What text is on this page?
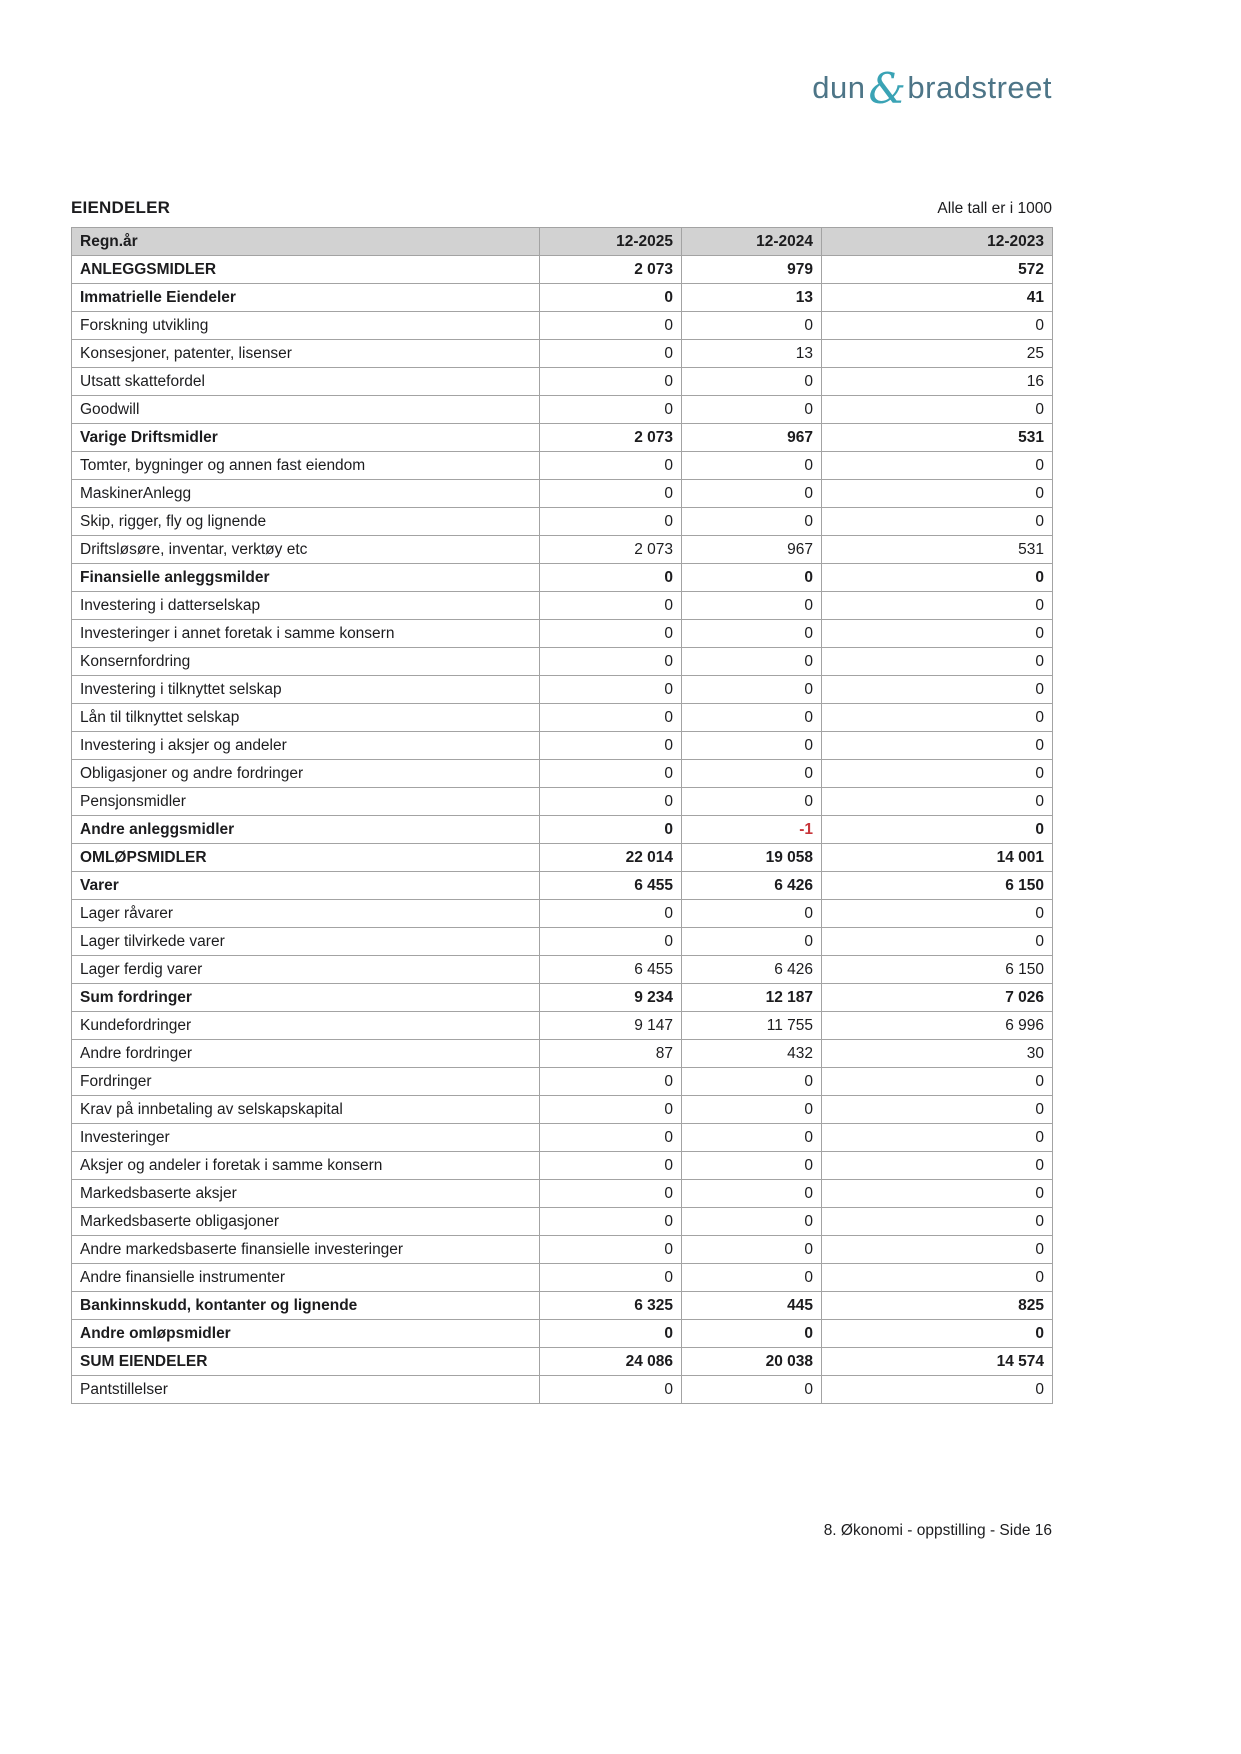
dun&bradstreet
EIENDELER	Alle tall er i 1000
Regn.år	12-2025	12-2024	12-2023
ANLEGGSMIDLER	2 073	979	572
Immatrielle Eiendeler	0	13	41
Forskning utvikling	0	0	0
Konsesjoner, patenter, lisenser	0	13	25
Utsatt skattefordel	0	0	16
Goodwill	0	0	0
Varige Driftsmidler	2 073	967	531
Tomter, bygninger og annen fast eiendom	0	0	0
MaskinerAnlegg	0	0	0
Skip, rigger, fly og lignende	0	0	0
Driftsløsøre, inventar, verktøy etc	2 073	967	531
Finansielle anleggsmilder	0	0	0
Investering i datterselskap	0	0	0
Investeringer i annet foretak i samme konsern	0	0	0
Konsernfordring	0	0	0
Investering i tilknyttet selskap	0	0	0
Lån til tilknyttet selskap	0	0	0
Investering i aksjer og andeler	0	0	0
Obligasjoner og andre fordringer	0	0	0
Pensjonsmidler	0	0	0
Andre anleggsmidler	0	-1	0
OMLØPSMIDLER	22 014	19 058	14 001
Varer	6 455	6 426	6 150
Lager råvarer	0	0	0
Lager tilvirkede varer	0	0	0
Lager ferdig varer	6 455	6 426	6 150
Sum fordringer	9 234	12 187	7 026
Kundefordringer	9 147	11 755	6 996
Andre fordringer	87	432	30
Fordringer	0	0	0
Krav på innbetaling av selskapskapital	0	0	0
Investeringer	0	0	0
Aksjer og andeler i foretak i samme konsern	0	0	0
Markedsbaserte aksjer	0	0	0
Markedsbaserte obligasjoner	0	0	0
Andre markedsbaserte finansielle investeringer	0	0	0
Andre finansielle instrumenter	0	0	0
Bankinnskudd, kontanter og lignende	6 325	445	825
Andre omløpsmidler	0	0	0
SUM EIENDELER	24 086	20 038	14 574
Pantstillelser	0	0	0
8. Økonomi - oppstilling - Side 16
